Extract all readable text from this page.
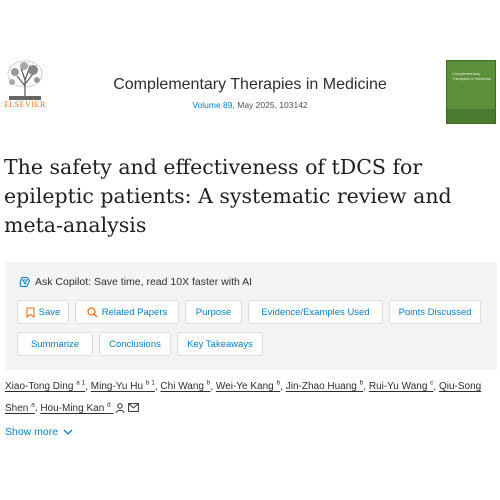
ELSEVIER
Complementary Therapies in Medicine
Volume 89, May 2025, 103142
Complementary Therapies in Medicine
The safety and effectiveness of tDCS for epileptic patients: A systematic review and meta-analysis
Ask Copilot: Save time, read 10X faster with AI
Save	Related Papers	Purpose	Evidence/Examples Used	Points Discussed
Summarize	Conclusions	Key Takeaways
Xiao-Tong Ding $^{a 1}$, Ming-Yu Hu $^{b 1}$, Chi Wang $^b$, Wei-Ye Kang $^b$, Jin-Zhao Huang $^b$, Rui-Yu Wang $^c$, Qiu-Song Shen $^a$, Hou-Ming Kan $^d$
Show more
